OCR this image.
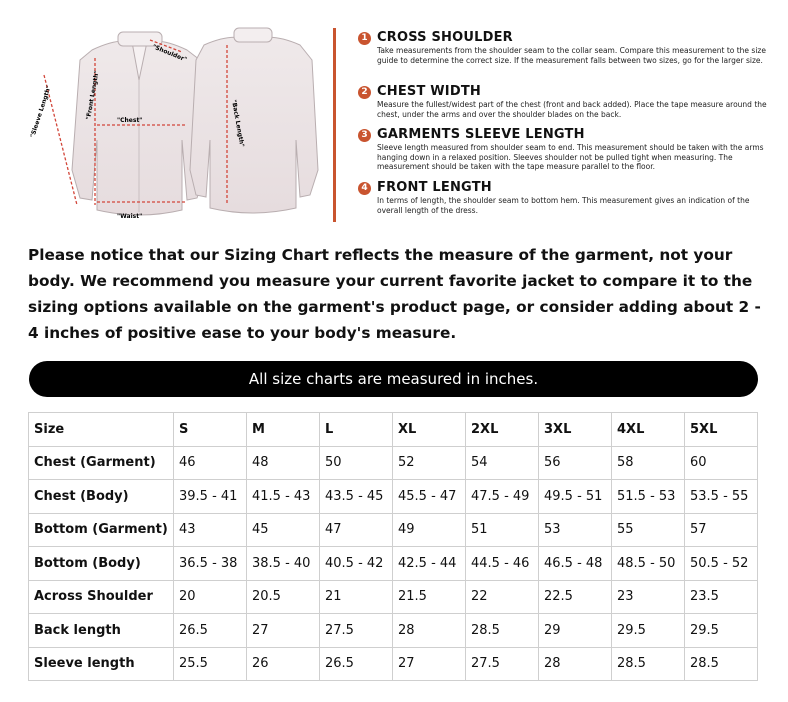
"Shoulder"
"Sleeve Length"	"Front Length"
"Chest"
"Waist"
"Back Length"
1 CROSS SHOULDER
Take measurements from the shoulder seam to the collar seam. Compare this measurement to the size guide to determine the correct size. If the measurement falls between two sizes, go for the larger size.
2 CHEST WIDTH
Measure the fullest/widest part of the chest (front and back added). Place the tape measure around the chest, under the arms and over the shoulder blades on the back.
3 GARMENTS SLEEVE LENGTH
Sleeve length measured from shoulder seam to end. This measurement should be taken with the arms hanging down in a relaxed position. Sleeves shoulder not be pulled tight when measuring. The measurement should be taken with the tape measure parallel to the floor.
4 FRONT LENGTH
In terms of length, the shoulder seam to bottom hem. This measurement gives an indication of the overall length of the dress.
Please notice that our Sizing Chart reflects the measure of the garment, not your body. We recommend you measure your current favorite jacket to compare it to the sizing options available on the garment's product page, or consider adding about 2 - 4 inches of positive ease to your body's measure.
All size charts are measured in inches.
Size	S	M	L	XL	2XL	3XL	4XL	5XL
Chest (Garment)	46	48	50	52	54	56	58	60
Chest (Body)	39.5 - 41	41.5 - 43	43.5 - 45	45.5 - 47	47.5 - 49	49.5 - 51	51.5 - 53	53.5 - 55
Bottom (Garment)	43	45	47	49	51	53	55	57
Bottom (Body)	36.5 - 38	38.5 - 40	40.5 - 42	42.5 - 44	44.5 - 46	46.5 - 48	48.5 - 50	50.5 - 52
Across Shoulder	20	20.5	21	21.5	22	22.5	23	23.5
Back length	26.5	27	27.5	28	28.5	29	29.5	29.5
Sleeve length	25.5	26	26.5	27	27.5	28	28.5	28.5
